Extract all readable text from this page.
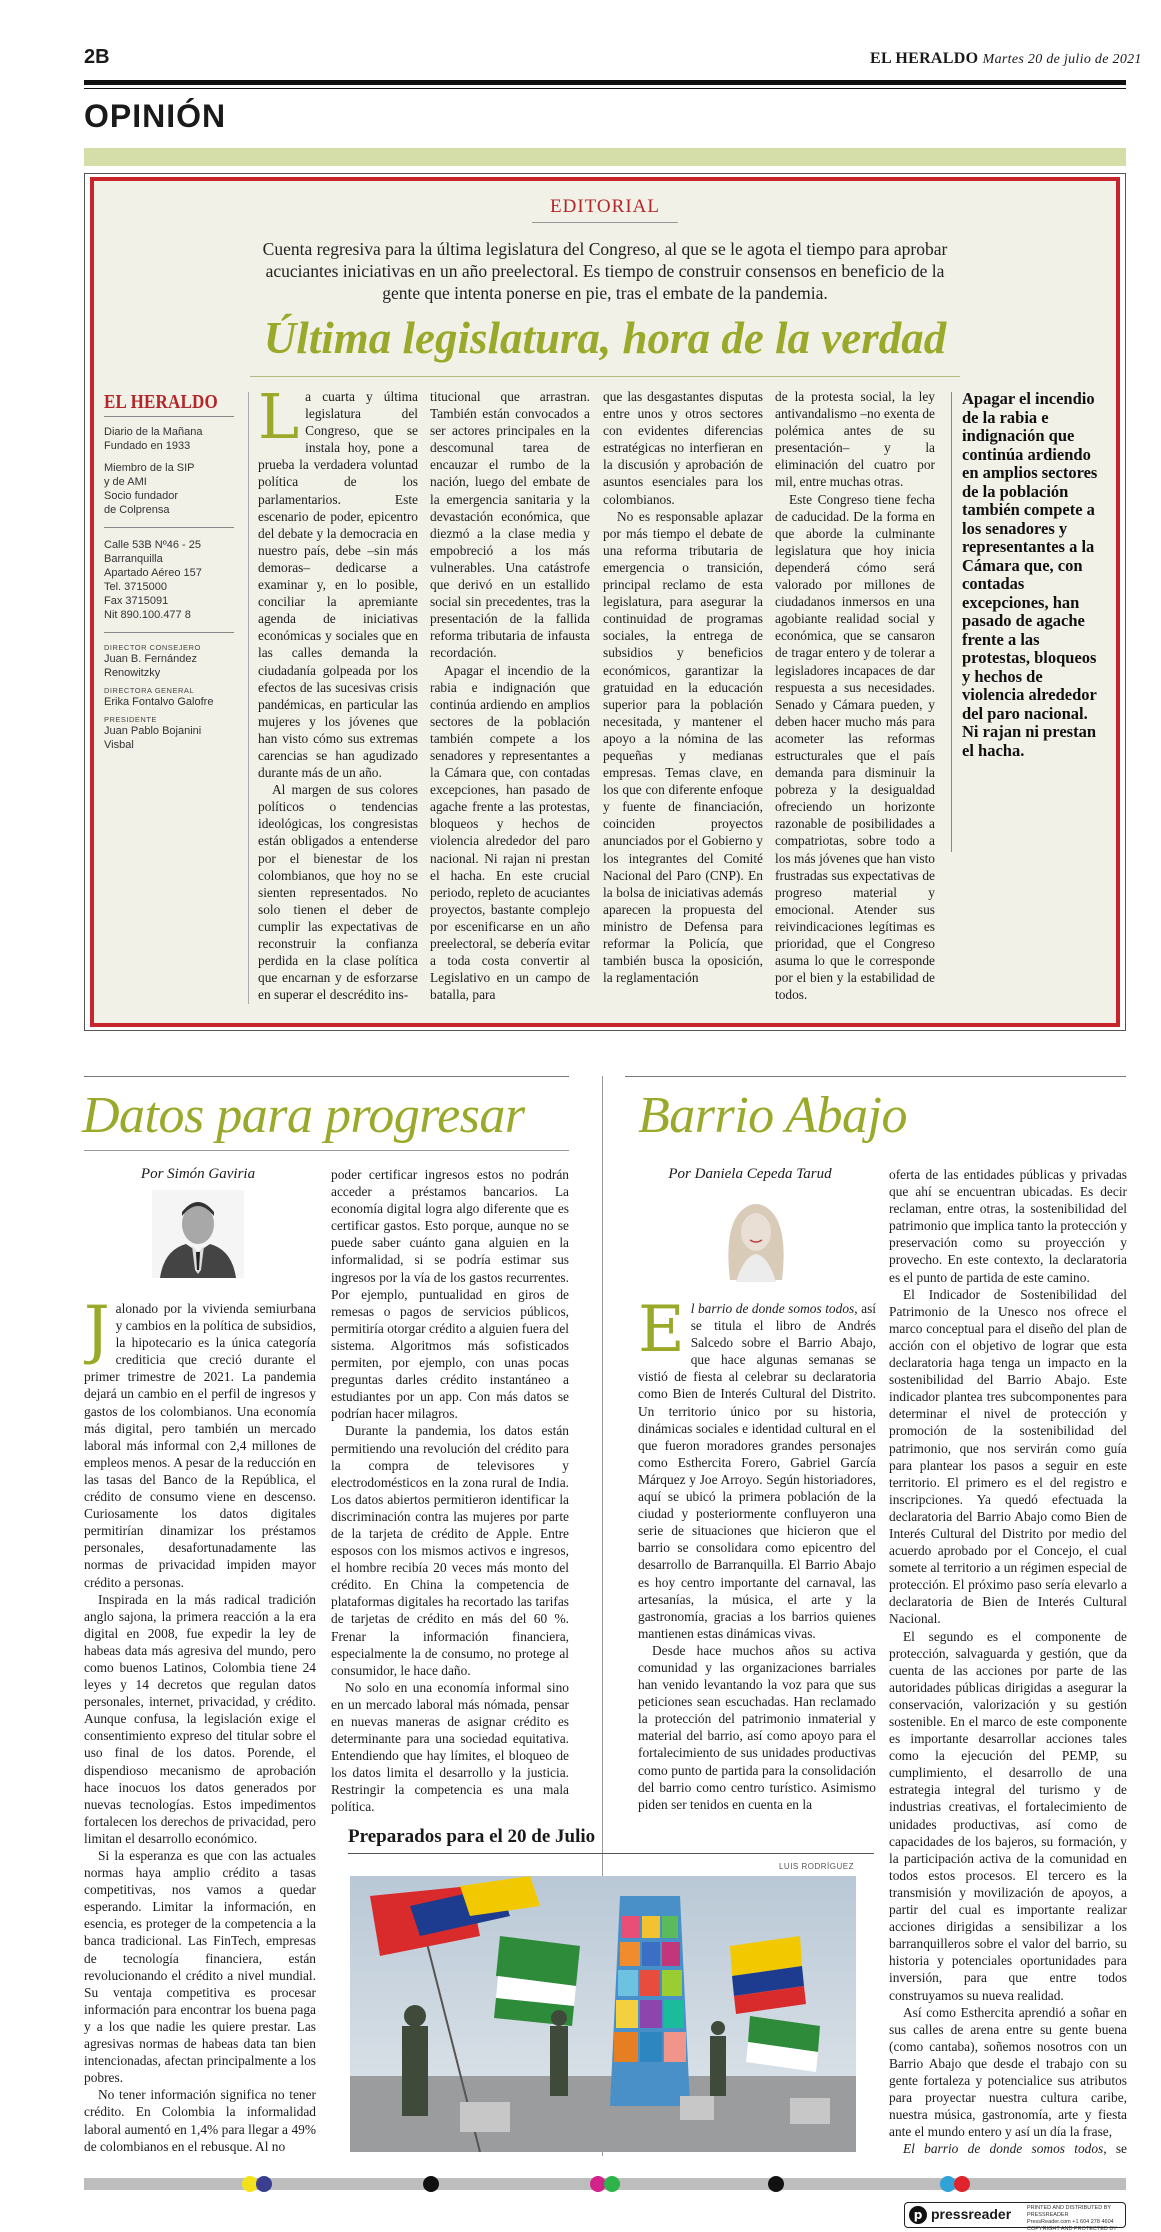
2B	EL HERALDO Martes 20 de julio de 2021
OPINIÓN
EDITORIAL
Cuenta regresiva para la última legislatura del Congreso, al que se le agota el tiempo para aprobar acuciantes iniciativas en un año preelectoral. Es tiempo de construir consensos en beneficio de la gente que intenta ponerse en pie, tras el embate de la pandemia.
Última legislatura, hora de la verdad
EL HERALDO
Diario de la Mañana
Fundado en 1933
Miembro de la SIP
y de AMI
Socio fundador
de Colprensa
Calle 53B Nº46 - 25
Barranquilla
Apartado Aéreo 157
Tel. 3715000
Fax 3715091
Nit 890.100.477 8
DIRECTOR CONSEJERO
Juan B. Fernández
Renowitzky
DIRECTORA GENERAL
Erika Fontalvo Galofre
PRESIDENTE
Juan Pablo Bojanini
Visbal

La cuarta y última legislatura del Congreso, que se instala hoy, pone a prueba la verdadera voluntad política de los parlamentarios. Este escenario de poder, epicentro del debate y la democracia en nuestro país, debe –sin más demoras– dedicarse a examinar y, en lo posible, conciliar la apremiante agenda de iniciativas económicas y sociales que en las calles demanda la ciudadanía golpeada por los efectos de las sucesivas crisis pandémicas, en particular las mujeres y los jóvenes que han visto cómo sus extremas carencias se han agudizado durante más de un año.

Al margen de sus colores políticos o tendencias ideológicas, los congresistas están obligados a entenderse por el bienestar de los colombianos, que hoy no se sienten representados. No solo tienen el deber de cumplir las expectativas de reconstruir la confianza perdida en la clase política que encarnan y de esforzarse en superar el descrédito ins-

titucional que arrastran. También están convocados a ser actores principales en la descomunal tarea de encauzar el rumbo de la nación, luego del embate de la emergencia sanitaria y la devastación económica, que diezmó a la clase media y empobreció a los más vulnerables. Una catástrofe que derivó en un estallido social sin precedentes, tras la presentación de la fallida reforma tributaria de infausta recordación.

Apagar el incendio de la rabia e indignación que continúa ardiendo en amplios sectores de la población también compete a los senadores y representantes a la Cámara que, con contadas excepciones, han pasado de agache frente a las protestas, bloqueos y hechos de violencia alrededor del paro nacional. Ni rajan ni prestan el hacha. En este crucial periodo, repleto de acuciantes proyectos, bastante complejo por escenificarse en un año preelectoral, se debería evitar a toda costa convertir al Legislativo en un campo de batalla, para

que las desgastantes disputas entre unos y otros sectores con evidentes diferencias estratégicas no interfieran en la discusión y aprobación de asuntos esenciales para los colombianos.

No es responsable aplazar por más tiempo el debate de una reforma tributaria de emergencia o transición, principal reclamo de esta legislatura, para asegurar la continuidad de programas sociales, la entrega de subsidios y beneficios económicos, garantizar la gratuidad en la educación superior para la población necesitada, y mantener el apoyo a la nómina de las pequeñas y medianas empresas. Temas clave, en los que con diferente enfoque y fuente de financiación, coinciden proyectos anunciados por el Gobierno y los integrantes del Comité Nacional del Paro (CNP). En la bolsa de iniciativas además aparecen la propuesta del ministro de Defensa para reformar la Policía, que también busca la oposición, la reglamentación

de la protesta social, la ley antivandalismo –no exenta de polémica antes de su presentación– y la eliminación del cuatro por mil, entre muchas otras.

Este Congreso tiene fecha de caducidad. De la forma en que aborde la culminante legislatura que hoy inicia dependerá cómo será valorado por millones de ciudadanos inmersos en una agobiante realidad social y económica, que se cansaron de tragar entero y de tolerar a legisladores incapaces de dar respuesta a sus necesidades. Senado y Cámara pueden, y deben hacer mucho más para acometer las reformas estructurales que el país demanda para disminuir la pobreza y la desigualdad ofreciendo un horizonte razonable de posibilidades a compatriotas, sobre todo a los más jóvenes que han visto frustradas sus expectativas de progreso material y emocional. Atender sus reivindicaciones legítimas es prioridad, que el Congreso asuma lo que le corresponde por el bien y la estabilidad de todos.

Apagar el incendio de la rabia e indignación que continúa ardiendo en amplios sectores de la población también compete a los senadores y representantes a la Cámara que, con contadas excepciones, han pasado de agache frente a las protestas, bloqueos y hechos de violencia alrededor del paro nacional. Ni rajan ni prestan el hacha.
Datos para progresar
Por Simón Gaviria

Jalonado por la vivienda semiurbana y cambios en la política de subsidios, la hipotecario es la única categoría crediticia que creció durante el primer trimestre de 2021. La pandemia dejará un cambio en el perfil de ingresos y gastos de los colombianos. Una economía más digital, pero también un mercado laboral más informal con 2,4 millones de empleos menos. A pesar de la reducción en las tasas del Banco de la República, el crédito de consumo viene en descenso. Curiosamente los datos digitales permitirían dinamizar los préstamos personales, desafortunadamente las normas de privacidad impiden mayor crédito a personas.

Inspirada en la más radical tradición anglo sajona, la primera reacción a la era digital en 2008, fue expedir la ley de habeas data más agresiva del mundo, pero como buenos Latinos, Colombia tiene 24 leyes y 14 decretos que regulan datos personales, internet, privacidad, y crédito. Aunque confusa, la legislación exige el consentimiento expreso del titular sobre el uso final de los datos. Porende, el dispendioso mecanismo de aprobación hace inocuos los datos generados por nuevas tecnologías. Estos impedimentos fortalecen los derechos de privacidad, pero limitan el desarrollo económico.

Si la esperanza es que con las actuales normas haya amplio crédito a tasas competitivas, nos vamos a quedar esperando. Limitar la información, en esencia, es proteger de la competencia a la banca tradicional. Las FinTech, empresas de tecnología financiera, están revolucionando el crédito a nivel mundial. Su ventaja competitiva es procesar información para encontrar los buena paga y a los que nadie les quiere prestar. Las agresivas normas de habeas data tan bien intencionadas, afectan principalmente a los pobres.

No tener información significa no tener crédito. En Colombia la informalidad laboral aumentó en 1,4% para llegar a 49% de colombianos en el rebusque. Al no

poder certificar ingresos estos no podrán acceder a préstamos bancarios. La economía digital logra algo diferente que es certificar gastos. Esto porque, aunque no se puede saber cuánto gana alguien en la informalidad, si se podría estimar sus ingresos por la vía de los gastos recurrentes. Por ejemplo, puntualidad en giros de remesas o pagos de servicios públicos, permitiría otorgar crédito a alguien fuera del sistema. Algoritmos más sofisticados permiten, por ejemplo, con unas pocas preguntas darles crédito instantáneo a estudiantes por un app. Con más datos se podrían hacer milagros.

Durante la pandemia, los datos están permitiendo una revolución del crédito para la compra de televisores y electrodomésticos en la zona rural de India. Los datos abiertos permitieron identificar la discriminación contra las mujeres por parte de la tarjeta de crédito de Apple. Entre esposos con los mismos activos e ingresos, el hombre recibía 20 veces más monto del crédito. En China la competencia de plataformas digitales ha recortado las tarifas de tarjetas de crédito en más del 60 %. Frenar la información financiera, especialmente la de consumo, no protege al consumidor, le hace daño.

No solo en una economía informal sino en un mercado laboral más nómada, pensar en nuevas maneras de asignar crédito es determinante para una sociedad equitativa. Entendiendo que hay límites, el bloqueo de los datos limita el desarrollo y la justicia. Restringir la competencia es una mala política.

Barrio Abajo
Por Daniela Cepeda Tarud

El barrio de donde somos todos, así se titula el libro de Andrés Salcedo sobre el Barrio Abajo, que hace algunas semanas se vistió de fiesta al celebrar su declaratoria como Bien de Interés Cultural del Distrito. Un territorio único por su historia, dinámicas sociales e identidad cultural en el que fueron moradores grandes personajes como Esthercita Forero, Gabriel García Márquez y Joe Arroyo. Según historiadores, aquí se ubicó la primera población de la ciudad y posteriormente confluyeron una serie de situaciones que hicieron que el barrio se consolidara como epicentro del desarrollo de Barranquilla. El Barrio Abajo es hoy centro importante del carnaval, las artesanías, la música, el arte y la gastronomía, gracias a los barrios quienes mantienen estas dinámicas vivas.

Desde hace muchos años su activa comunidad y las organizaciones barriales han venido levantando la voz para que sus peticiones sean escuchadas. Han reclamado la protección del patrimonio inmaterial y material del barrio, así como apoyo para el fortalecimiento de sus unidades productivas como punto de partida para la consolidación del barrio como centro turístico. Asimismo piden ser tenidos en cuenta en la

oferta de las entidades públicas y privadas que ahí se encuentran ubicadas. Es decir reclaman, entre otras, la sostenibilidad del patrimonio que implica tanto la protección y preservación como su proyección y provecho. En este contexto, la declaratoria es el punto de partida de este camino.

El Indicador de Sostenibilidad del Patrimonio de la Unesco nos ofrece el marco conceptual para el diseño del plan de acción con el objetivo de lograr que esta declaratoria haga tenga un impacto en la sostenibilidad del Barrio Abajo. Este indicador plantea tres subcomponentes para determinar el nivel de protección y promoción de la sostenibilidad del patrimonio, que nos servirán como guía para plantear los pasos a seguir en este territorio. El primero es el del registro e inscripciones. Ya quedó efectuada la declaratoria del Barrio Abajo como Bien de Interés Cultural del Distrito por medio del acuerdo aprobado por el Concejo, el cual somete al territorio a un régimen especial de protección. El próximo paso sería elevarlo a declaratoria de Bien de Interés Cultural Nacional.

El segundo es el componente de protección, salvaguarda y gestión, que da cuenta de las acciones por parte de las autoridades públicas dirigidas a asegurar la conservación, valorización y su gestión sostenible. En el marco de este componente es importante desarrollar acciones tales como la ejecución del PEMP, su cumplimiento, el desarrollo de una estrategia integral del turismo y de industrias creativas, el fortalecimiento de unidades productivas, así como de capacidades de los bajeros, su formación, y la participación activa de la comunidad en todos estos procesos. El tercero es la transmisión y movilización de apoyos, a partir del cual es importante realizar acciones dirigidas a sensibilizar a los barranquilleros sobre el valor del barrio, su historia y potenciales oportunidades para inversión, para que entre todos construyamos su nueva realidad.

Así como Esthercita aprendió a soñar en sus calles de arena entre su gente buena (como cantaba), soñemos nosotros con un Barrio Abajo que desde el trabajo con su gente fortaleza y potencialice sus atributos para proyectar nuestra cultura caribe, nuestra música, gastronomía, arte y fiesta ante el mundo entero y así un día la frase,

El barrio de donde somos todos, se

Preparados para el 20 de Julio
LUIS RODRÍGUEZ
p pressreader	PRINTED AND DISTRIBUTED BY PRESSREADER
PressReader.com +1 604 278 4604
COPYRIGHT AND PROTECTED BY
